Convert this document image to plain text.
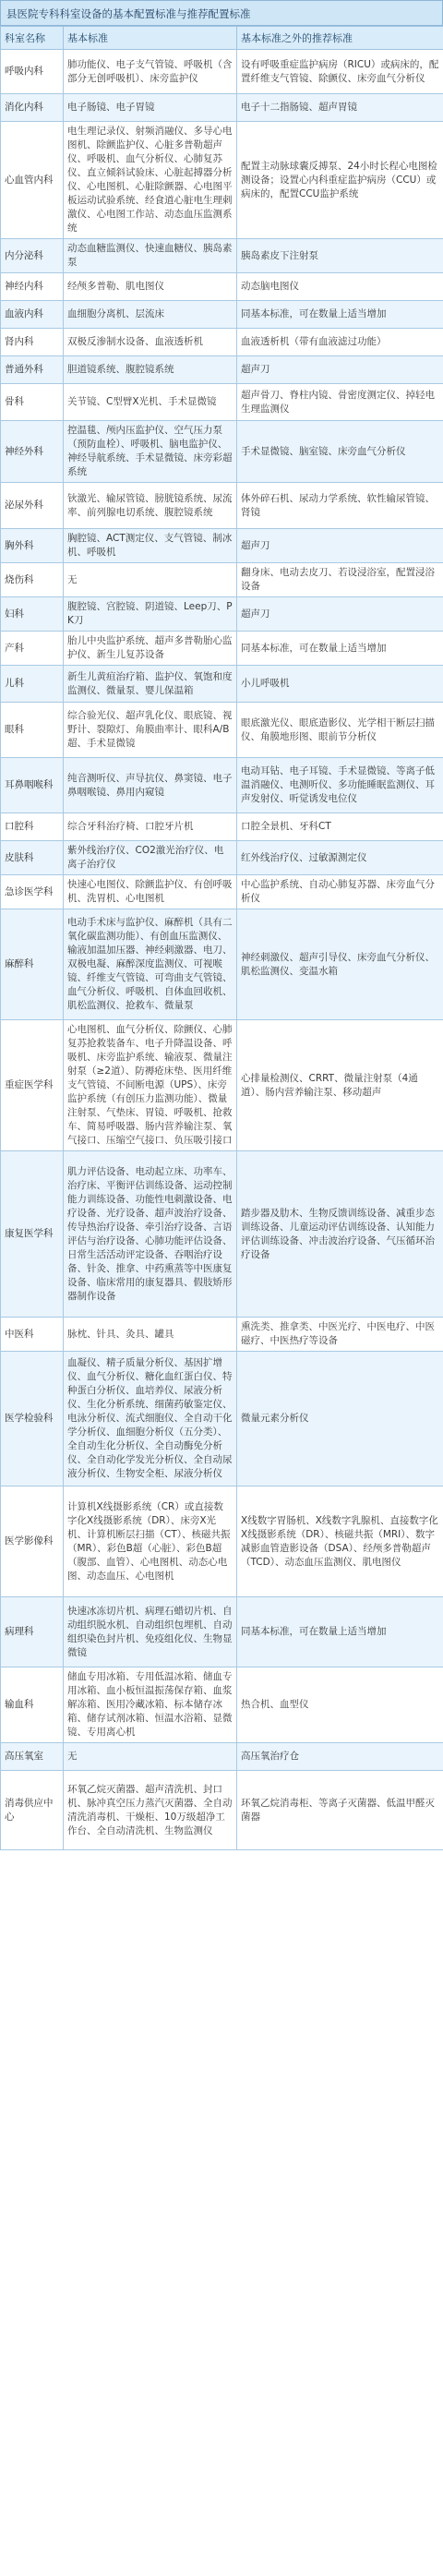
县医院专科科室设备的基本配置标准与推荐配置标准
科室名称	基本标准	基本标准之外的推荐标准
呼吸内科	肺功能仪、电子支气管镜、呼吸机（含部分无创呼吸机）、床旁监护仪	设有呼吸重症监护病房（RICU）或病床的，配置纤维支气管镜、除颤仪、床旁血气分析仪
消化内科	电子肠镜、电子胃镜	电子十二指肠镜、超声胃镜
心血管内科	电生理记录仪、射频消融仪、多导心电图机、除颤监护仪、心脏多普勒超声仪、呼吸机、血气分析仪、心肺复苏仪、直立倾斜试验床、心脏起搏器分析仪、心电图机、心脏除颤器、心电图平板运动试验系统、经食道心脏电生理刺激仪、心电图工作站、动态血压监测系统	配置主动脉球囊反搏泵、24小时长程心电图检测设备；设置心内科重症监护病房（CCU）或病床的，配置CCU监护系统
内分泌科	动态血糖监测仪、快速血糖仪、胰岛素泵	胰岛素皮下注射泵
神经内科	经颅多普勒、肌电图仪	动态脑电图仪
血液内科	血细胞分离机、层流床	同基本标准，可在数量上适当增加
肾内科	双极反渗制水设备、血液透析机	血液透析机（带有血液滤过功能）
普通外科	胆道镜系统、腹腔镜系统	超声刀
骨科	关节镜、C型臂X光机、手术显微镜	超声骨刀、脊柱内镜、骨密度测定仪、掉轻电生理监测仪
神经外科	控温毯、颅内压监护仪、空气压力泵（预防血栓）、呼吸机、脑电监护仪、神经导航系统、手术显微镜、床旁彩超系统	手术显微镜、脑室镜、床旁血气分析仪
泌尿外科	钬激光、输尿管镜、膀胱镜系统、尿流率、前列腺电切系统、腹腔镜系统	体外碎石机、尿动力学系统、软性输尿管镜、肾镜
胸外科	胸腔镜、ACT测定仪、支气管镜、制冰机、呼吸机	超声刀
烧伤科	无	翻身床、电动去皮刀、若设浸浴室，配置浸浴设备
妇科	腹腔镜、宫腔镜、阴道镜、Leep刀、PK刀	超声刀
产科	胎儿中央监护系统、超声多普勒胎心监护仪、新生儿复苏设备	同基本标准，可在数量上适当增加
儿科	新生儿黄疸治疗箱、监护仪、氧饱和度监测仪、微量泵、婴儿保温箱	小儿呼吸机
眼科	综合验光仪、超声乳化仪、眼底镜、视野计、裂隙灯、角膜曲率计、眼科A/B超、手术显微镜	眼底激光仪、眼底造影仪、光学相干断层扫描仪、角膜地形图、眼前节分析仪
耳鼻咽喉科	纯音测听仪、声导抗仪、鼻窦镜、电子鼻咽喉镜、鼻用内窥镜	电动耳钻、电子耳镜、手术显微镜、等离子低温消融仪、电测听仪、多功能睡眠监测仪、耳声发射仪、听觉诱发电位仪
口腔科	综合牙科治疗椅、口腔牙片机	口腔全景机、牙科CT
皮肤科	紫外线治疗仪、CO2激光治疗仪、电离子治疗仪	红外线治疗仪、过敏源测定仪
急诊医学科	快速心电图仪、除颤监护仪、有创呼吸机、洗胃机、心电图机	中心监护系统、自动心肺复苏器、床旁血气分析仪
麻醉科	电动手术床与监护仪、麻醉机（具有二氧化碳监测功能）、有创血压监测仪、输液加温加压器、神经刺激器、电刀、双极电凝、麻醉深度监测仪、可视喉镜、纤维支气管镜、可弯曲支气管镜、血气分析仪、呼吸机、自体血回收机、肌松监测仪、抢救车、微量泵	神经刺激仪、超声引导仪、床旁血气分析仪、肌松监测仪、变温水箱
重症医学科	心电图机、血气分析仪、除颤仪、心肺复苏抢救装备车、电子升降温设备、呼吸机、床旁监护系统、输液泵、微量注射泵（≥2道）、防褥疮床垫、医用纤维支气管镜、不间断电源（UPS）、床旁监护系统（有创压力监测功能）、微量注射泵、气垫床、胃镜、呼吸机、抢救车、简易呼吸器、肠内营养输注泵、氧气接口、压缩空气接口、负压吸引接口	心排量检测仪、CRRT、微量注射泵（4通道）、肠内营养输注泵、移动超声
康复医学科	肌力评估设备、电动起立床、功率车、治疗床、平衡评估训练设备、运动控制能力训练设备、功能性电刺激设备、电疗设备、光疗设备、超声波治疗设备、传导热治疗设备、牵引治疗设备、言语评估与治疗设备、心肺功能评估设备、日常生活活动评定设备、吞咽治疗设备、针灸、推拿、中药熏蒸等中医康复设备、临床常用的康复器具、假肢矫形器制作设备	踏步器及肋木、生物反馈训练设备、减重步态训练设备、儿童运动评估训练设备、认知能力评估训练设备、冲击波治疗设备、气压循环治疗设备
中医科	脉枕、针具、灸具、罐具	熏洗类、推拿类、中医光疗、中医电疗、中医磁疗、中医热疗等设备
医学检验科	血凝仪、精子质量分析仪、基因扩增仪、血气分析仪、糖化血红蛋白仪、特种蛋白分析仪、血培养仪、尿液分析仪、生化分析系统、细菌药敏鉴定仪、电泳分析仪、流式细胞仪、全自动干化学分析仪、血细胞分析仪（五分类）、全自动生化分析仪、全自动酶免分析仪、全自动化学发光分析仪、全自动尿液分析仪、生物安全柜、尿液分析仪	微量元素分析仪
医学影像科	计算机X线摄影系统（CR）或直接数字化X线摄影系统（DR）、床旁X光机、计算机断层扫描（CT）、核磁共振（MR）、彩色B超（心脏）、彩色B超（腹部、血管）、心电图机、动态心电图、动态血压、心电图机	X线数字胃肠机、X线数字乳腺机、直接数字化X线摄影系统（DR）、核磁共振（MRI）、数字减影血管造影设备（DSA）、经颅多普勒超声（TCD）、动态血压监测仪、肌电图仪
病理科	快速冰冻切片机、病理石蜡切片机、自动组织脱水机、自动组织包埋机、自动组织染色封片机、免疫组化仪、生物显微镜	同基本标准，可在数量上适当增加
输血科	储血专用冰箱、专用低温冰箱、储血专用冰箱、血小板恒温振荡保存箱、血浆解冻箱、医用冷藏冰箱、标本储存冰箱、储存试剂冰箱、恒温水浴箱、显微镜、专用离心机	热合机、血型仪
高压氧室	无	高压氧治疗仓
消毒供应中心	环氧乙烷灭菌器、超声清洗机、封口机、脉冲真空压力蒸汽灭菌器、全自动清洗消毒机、干燥柜、10万级超净工作台、全自动清洗机、生物监测仪	环氧乙烷消毒柜、等离子灭菌器、低温甲醛灭菌器
